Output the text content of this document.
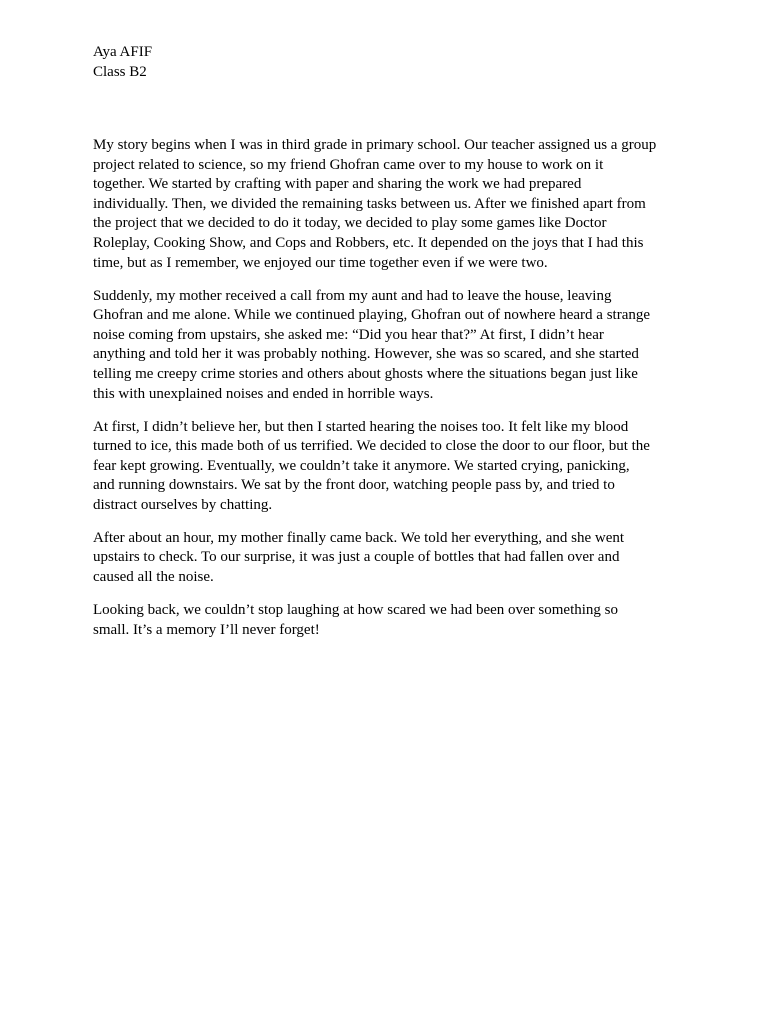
Aya AFIF
Class B2

My story begins when I was in third grade in primary school. Our teacher assigned us a group
project related to science, so my friend Ghofran came over to my house to work on it
together. We started by crafting with paper and sharing the work we had prepared
individually. Then, we divided the remaining tasks between us. After we finished apart from
the project that we decided to do it today, we decided to play some games like Doctor
Roleplay, Cooking Show, and Cops and Robbers, etc. It depended on the joys that I had this
time, but as I remember, we enjoyed our time together even if we were two.

Suddenly, my mother received a call from my aunt and had to leave the house, leaving
Ghofran and me alone. While we continued playing, Ghofran out of nowhere heard a strange
noise coming from upstairs, she asked me: “Did you hear that?” At first, I didn’t hear
anything and told her it was probably nothing. However, she was so scared, and she started
telling me creepy crime stories and others about ghosts where the situations began just like
this with unexplained noises and ended in horrible ways.

At first, I didn’t believe her, but then I started hearing the noises too. It felt like my blood
turned to ice, this made both of us terrified. We decided to close the door to our floor, but the
fear kept growing. Eventually, we couldn’t take it anymore. We started crying, panicking,
and running downstairs. We sat by the front door, watching people pass by, and tried to
distract ourselves by chatting.

After about an hour, my mother finally came back. We told her everything, and she went
upstairs to check. To our surprise, it was just a couple of bottles that had fallen over and
caused all the noise.

Looking back, we couldn’t stop laughing at how scared we had been over something so
small. It’s a memory I’ll never forget!
